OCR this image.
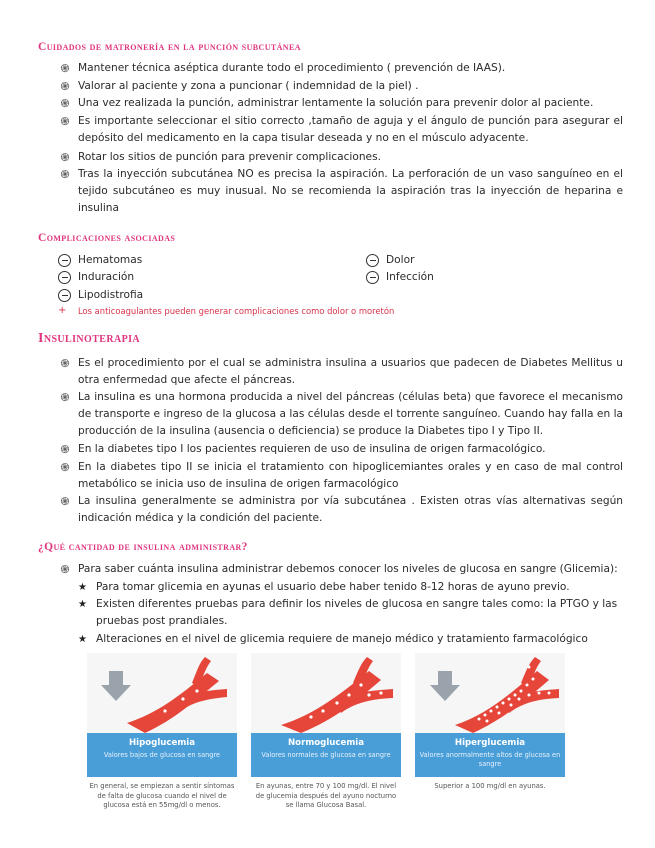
Cuidados de matronería en la punción subcutánea
֍ Mantener técnica aséptica durante todo el procedimiento ( prevención de IAAS).
֍ Valorar al paciente y zona a puncionar ( indemnidad de la piel) .
֍ Una vez realizada la punción, administrar lentamente la solución para prevenir dolor al paciente.
֍ Es importante seleccionar el sitio correcto ,tamaño de aguja y el ángulo de punción para asegurar el depósito del medicamento en la capa tisular deseada y no en el músculo adyacente.
֍ Rotar los sitios de punción para prevenir complicaciones.
֍ Tras la inyección subcutánea NO es precisa la aspiración. La perforación de un vaso sanguíneo en el tejido subcutáneo es muy inusual. No se recomienda la aspiración tras la inyección de heparina e insulina
Complicaciones asociadas
Hematomas	Dolor
Induración	Infección
Lipodistrofia
+ Los anticoagulantes pueden generar complicaciones como dolor o moretón
Insulinoterapia
֍ Es el procedimiento por el cual se administra insulina a usuarios que padecen de Diabetes Mellitus u otra enfermedad que afecte el páncreas.
֍ La insulina es una hormona producida a nivel del páncreas (células beta) que favorece el mecanismo de transporte e ingreso de la glucosa a las células desde el torrente sanguíneo. Cuando hay falla en la producción de la insulina (ausencia o deficiencia) se produce la Diabetes tipo I y Tipo II.
֍ En la diabetes tipo I los pacientes requieren de uso de insulina de origen farmacológico.
֍ En la diabetes tipo II se inicia el tratamiento con hipoglicemiantes orales y en caso de mal control metabólico se inicia uso de insulina de origen farmacológico
֍ La insulina generalmente se administra por vía subcutánea . Existen otras vías alternativas según indicación médica y la condición del paciente.
¿Qué cantidad de insulina administrar?
֍ Para saber cuánta insulina administrar debemos conocer los niveles de glucosa en sangre (Glicemia):
★ Para tomar glicemia en ayunas el usuario debe haber tenido 8-12 horas de ayuno previo.
★ Existen diferentes pruebas para definir los niveles de glucosa en sangre tales como: la PTGO y las pruebas post prandiales.
★ Alteraciones en el nivel de glicemia requiere de manejo médico y tratamiento farmacológico
Hipoglucemia
Valores bajos de glucosa en sangre
En general, se empiezan a sentir síntomas de falta de glucosa cuando el nivel de glucosa está en 55mg/dl o menos.
Normoglucemia
Valores normales de glucosa en sangre
En ayunas, entre 70 y 100 mg/dl. El nivel de glucemia después del ayuno nocturno se llama Glucosa Basal.
Hiperglucemia
Valores anormalmente altos de glucosa en sangre
Superior a 100 mg/dl en ayunas.
